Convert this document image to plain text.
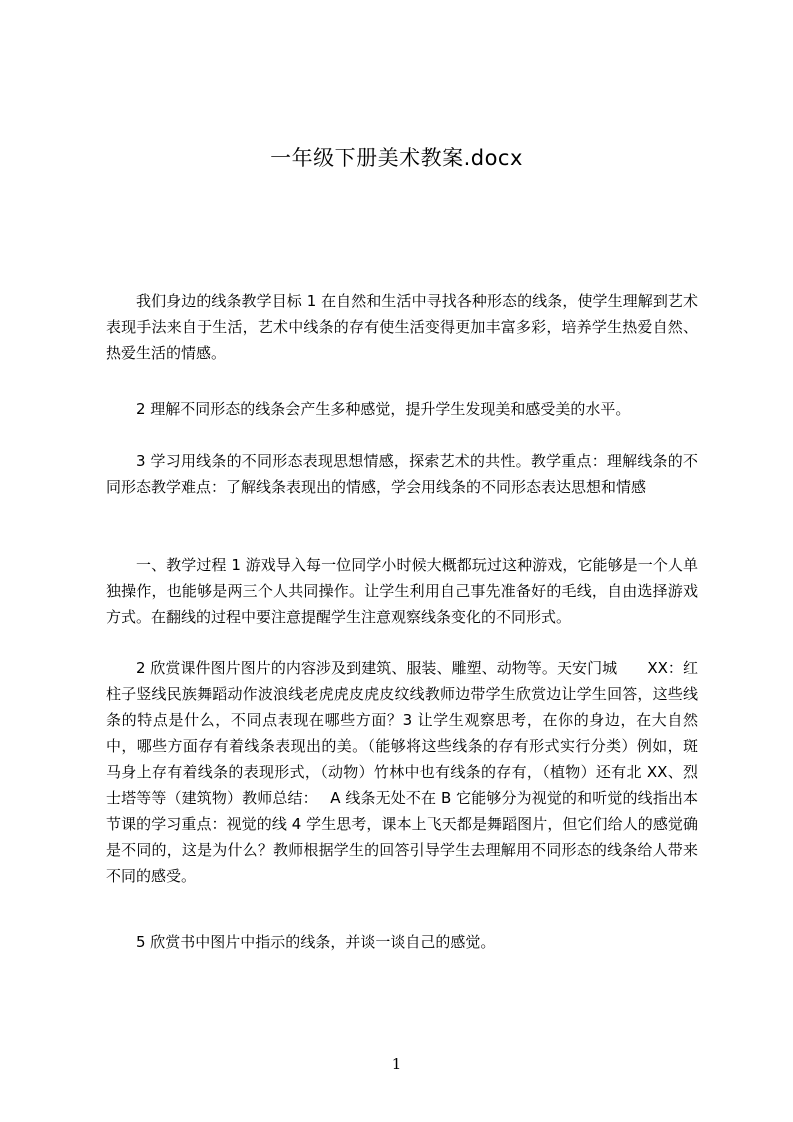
一年级下册美术教案.docx

我们身边的线条教学目标 1 在自然和生活中寻找各种形态的线条，使学生理解到艺术表现手法来自于生活，艺术中线条的存有使生活变得更加丰富多彩，培养学生热爱自然、热爱生活的情感。

2 理解不同形态的线条会产生多种感觉，提升学生发现美和感受美的水平。

3 学习用线条的不同形态表现思想情感，探索艺术的共性。教学重点：理解线条的不同形态教学难点：了解线条表现出的情感，学会用线条的不同形态表达思想和情感

一、教学过程 1 游戏导入每一位同学小时候大概都玩过这种游戏，它能够是一个人单独操作，也能够是两三个人共同操作。让学生利用自己事先准备好的毛线，自由选择游戏方式。在翻线的过程中要注意提醒学生注意观察线条变化的不同形式。

2 欣赏课件图片图片的内容涉及到建筑、服装、雕塑、动物等。天安门城　　XX：红柱子竖线民族舞蹈动作波浪线老虎虎皮虎皮纹线教师边带学生欣赏边让学生回答，这些线条的特点是什么，不同点表现在哪些方面？3 让学生观察思考，在你的身边，在大自然中，哪些方面存有着线条表现出的美。（能够将这些线条的存有形式实行分类）例如，斑马身上存有着线条的表现形式，（动物）竹林中也有线条的存有，（植物）还有北 XX、烈士塔等等（建筑物）教师总结：　 A 线条无处不在 B 它能够分为视觉的和听觉的线指出本节课的学习重点：视觉的线 4 学生思考，课本上飞天都是舞蹈图片，但它们给人的感觉确是不同的，这是为什么？教师根据学生的回答引导学生去理解用不同形态的线条给人带来不同的感受。

5 欣赏书中图片中指示的线条，并谈一谈自己的感觉。

1
